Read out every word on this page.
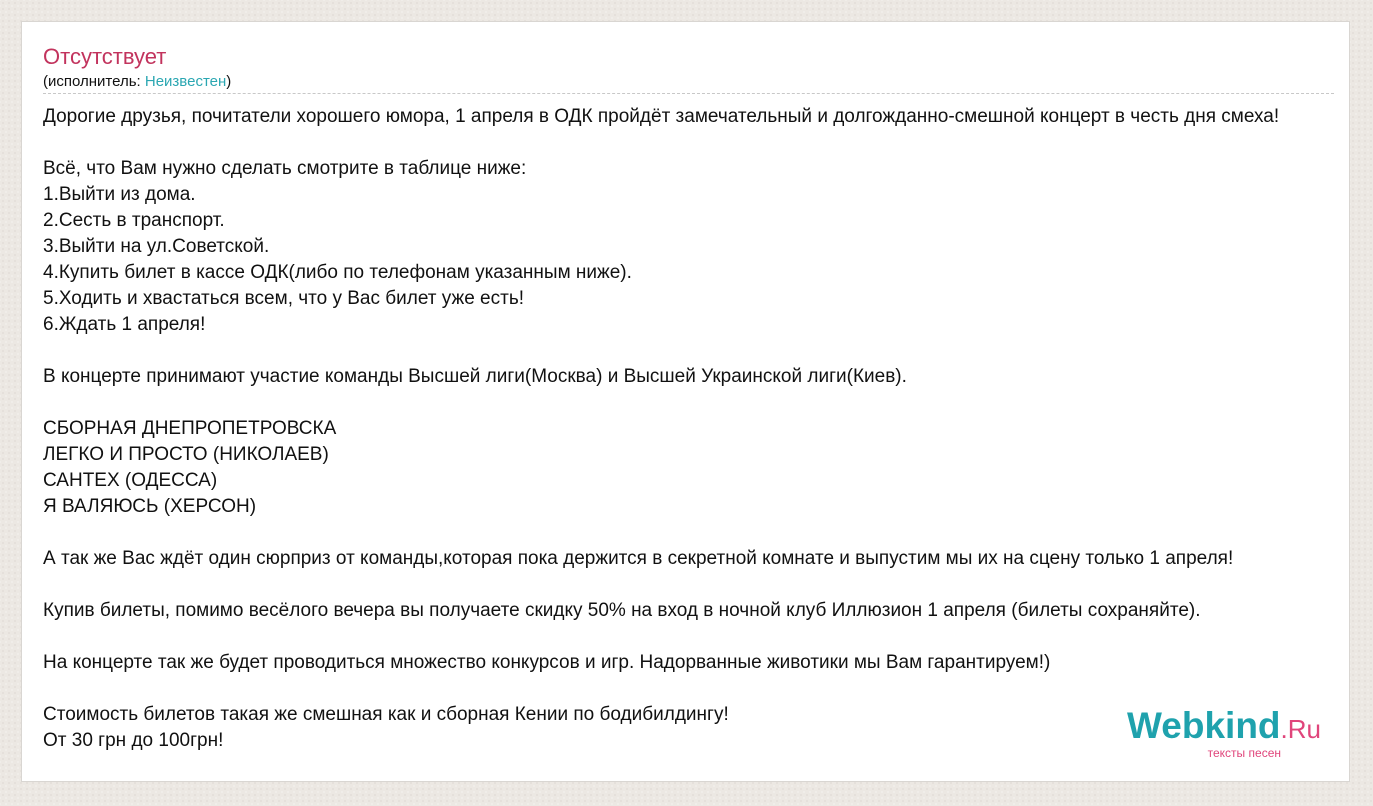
Отсутствует
(исполнитель: Неизвестен)
Дорогие друзья, почитатели хорошего юмора, 1 апреля в ОДК пройдёт замечательный и долгожданно-смешной концерт в честь дня смеха!
Всё, что Вам нужно сделать смотрите в таблице ниже:
1.Выйти из дома.
2.Сесть в транспорт.
3.Выйти на ул.Советской.
4.Купить билет в кассе ОДК(либо по телефонам указанным ниже).
5.Ходить и хвастаться всем, что у Вас билет уже есть!
6.Ждать 1 апреля!
В концерте принимают участие команды Высшей лиги(Москва) и Высшей Украинской лиги(Киев).
СБОРНАЯ ДНЕПРОПЕТРОВСКА
ЛЕГКО И ПРОСТО (НИКОЛАЕВ)
САНТЕХ (ОДЕССА)
Я ВАЛЯЮСЬ (ХЕРСОН)
А так же Вас ждёт один сюрприз от команды,которая пока держится в секретной комнате и выпустим мы их на сцену только 1 апреля!
Купив билеты, помимо весёлого вечера вы получаете скидку 50% на вход в ночной клуб Иллюзион 1 апреля (билеты сохраняйте).
На концерте так же будет проводиться множество конкурсов и игр. Надорванные животики мы Вам гарантируем!)
Стоимость билетов такая же смешная как и сборная Кении по бодибилдингу!
От 30 грн до 100грн!	Webkind.Ru
тексты песен
